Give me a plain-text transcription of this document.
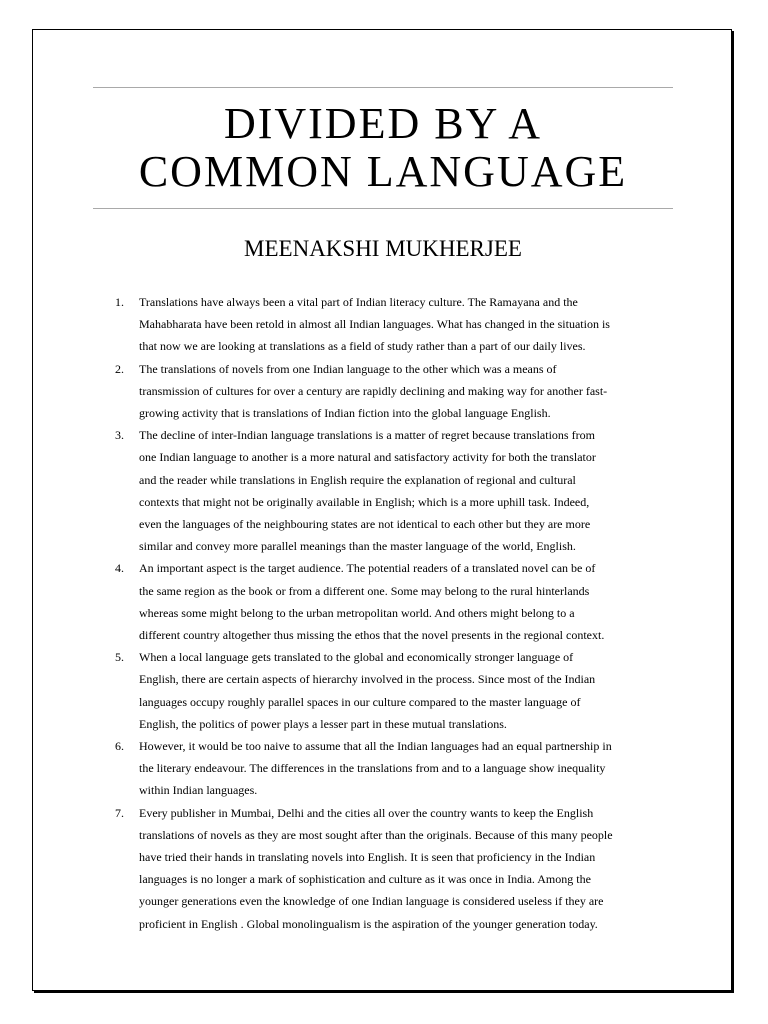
DIVIDED BY A
COMMON LANGUAGE
MEENAKSHI MUKHERJEE
1. Translations have always been a vital part of Indian literacy culture. The Ramayana and the
Mahabharata have been retold in almost all Indian languages. What has changed in the situation is
that now we are looking at translations as a field of study rather than a part of our daily lives.
2. The translations of novels from one Indian language to the other which was a means of
transmission of cultures for over a century are rapidly declining and making way for another fast-
growing activity that is translations of Indian fiction into the global language English.
3. The decline of inter-Indian language translations is a matter of regret because translations from
one Indian language to another is a more natural and satisfactory activity for both the translator
and the reader while translations in English require the explanation of regional and cultural
contexts that might not be originally available in English; which is a more uphill task. Indeed,
even the languages of the neighbouring states are not identical to each other but they are more
similar and convey more parallel meanings than the master language of the world, English.
4. An important aspect is the target audience. The potential readers of a translated novel can be of
the same region as the book or from a different one. Some may belong to the rural hinterlands
whereas some might belong to the urban metropolitan world. And others might belong to a
different country altogether thus missing the ethos that the novel presents in the regional context.
5. When a local language gets translated to the global and economically stronger language of
English, there are certain aspects of hierarchy involved in the process. Since most of the Indian
languages occupy roughly parallel spaces in our culture compared to the master language of
English, the politics of power plays a lesser part in these mutual translations.
6. However, it would be too naive to assume that all the Indian languages had an equal partnership in
the literary endeavour. The differences in the translations from and to a language show inequality
within Indian languages.
7. Every publisher in Mumbai, Delhi and the cities all over the country wants to keep the English
translations of novels as they are most sought after than the originals. Because of this many people
have tried their hands in translating novels into English. It is seen that proficiency in the Indian
languages is no longer a mark of sophistication and culture as it was once in India. Among the
younger generations even the knowledge of one Indian language is considered useless if they are
proficient in English . Global monolingualism is the aspiration of the younger generation today.
